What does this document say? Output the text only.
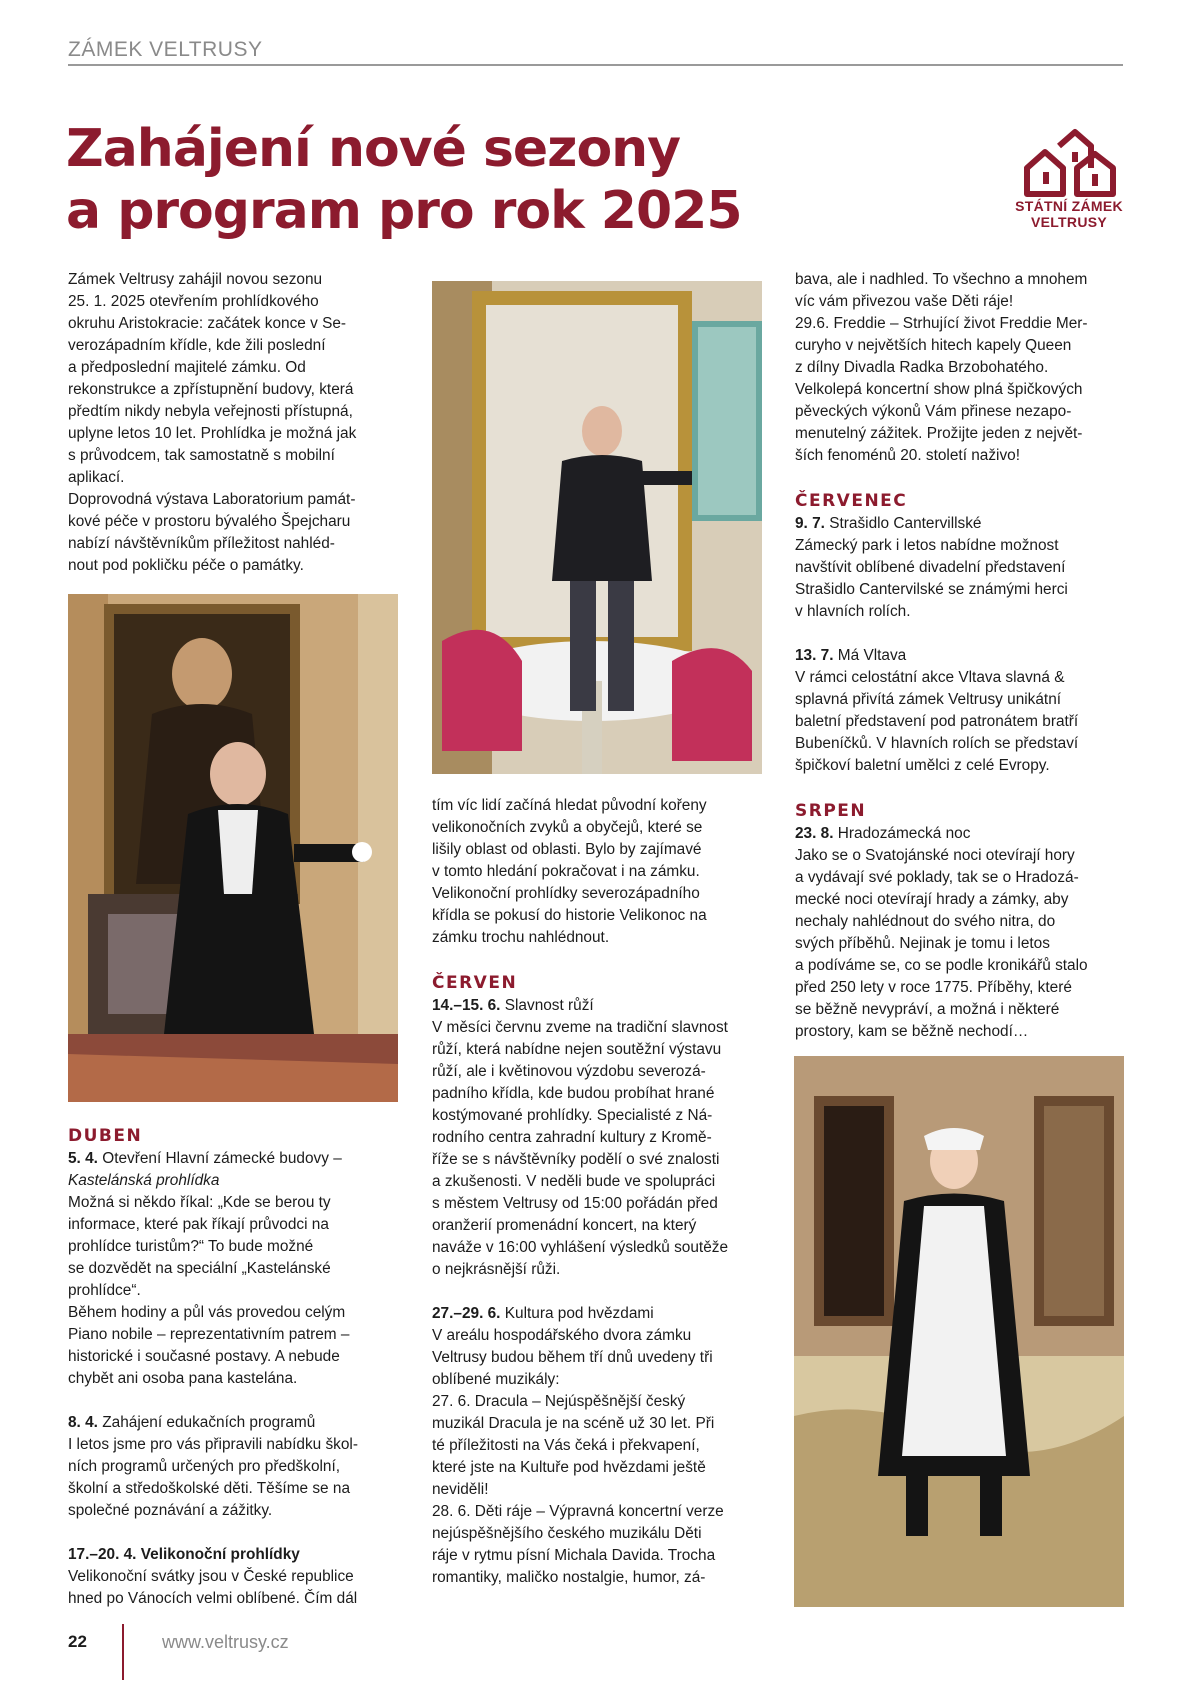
ZÁMEK VELTRUSY
Zahájení nové sezony
a program pro rok 2025	STÁTNÍ ZÁMEK
VELTRUSY

Zámek Veltrusy zahájil novou sezonu

25. 1. 2025 otevřením prohlídkového

okruhu Aristokracie: začátek konce v Se-

verozápadním křídle, kde žili poslední

a předposlední majitelé zámku. Od

rekonstrukce a zpřístupnění budovy, která

předtím nikdy nebyla veřejnosti přístupná,

uplyne letos 10 let. Prohlídka je možná jak

s průvodcem, tak samostatně s mobilní

aplikací.

Doprovodná výstava Laboratorium památ-

kové péče v prostoru bývalého Špejcharu

nabízí návštěvníkům příležitost nahléd-

nout pod pokličku péče o památky.

DUBEN

5. 4. Otevření Hlavní zámecké budovy –

Kastelánská prohlídka

Možná si někdo říkal: „Kde se berou ty

informace, které pak říkají průvodci na

prohlídce turistům?“ To bude možné

se dozvědět na speciální „Kastelánské

prohlídce“.

Během hodiny a půl vás provedou celým

Piano nobile – reprezentativním patrem –

historické i současné postavy. A nebude

chybět ani osoba pana kastelána.

8. 4. Zahájení edukačních programů

I letos jsme pro vás připravili nabídku škol-

ních programů určených pro předškolní,

školní a středoškolské děti. Těšíme se na

společné poznávání a zážitky.

17.–20. 4. Velikonoční prohlídky

Velikonoční svátky jsou v České republice

hned po Vánocích velmi oblíbené. Čím dál

tím víc lidí začíná hledat původní kořeny

velikonočních zvyků a obyčejů, které se

lišily oblast od oblasti. Bylo by zajímavé

v tomto hledání pokračovat i na zámku.

Velikonoční prohlídky severozápadního

křídla se pokusí do historie Velikonoc na

zámku trochu nahlédnout.

ČERVEN

14.–15. 6. Slavnost růží

V měsíci červnu zveme na tradiční slavnost

růží, která nabídne nejen soutěžní výstavu

růží, ale i květinovou výzdobu severozá-

padního křídla, kde budou probíhat hrané

kostýmované prohlídky. Specialisté z Ná-

rodního centra zahradní kultury z Kromě-

říže se s návštěvníky podělí o své znalosti

a zkušenosti. V neděli bude ve spolupráci

s městem Veltrusy od 15:00 pořádán před

oranžerií promenádní koncert, na který

naváže v 16:00 vyhlášení výsledků soutěže

o nejkrásnější růži.

27.–29. 6. Kultura pod hvězdami

V areálu hospodářského dvora zámku

Veltrusy budou během tří dnů uvedeny tři

oblíbené muzikály:

27. 6. Dracula – Nejúspěšnější český

muzikál Dracula je na scéně už 30 let. Při

té příležitosti na Vás čeká i překvapení,

které jste na Kultuře pod hvězdami ještě

neviděli!

28. 6. Děti ráje – Výpravná koncertní verze

nejúspěšnějšího českého muzikálu Děti

ráje v rytmu písní Michala Davida. Trocha

romantiky, maličko nostalgie, humor, zá-

bava, ale i nadhled. To všechno a mnohem

víc vám přivezou vaše Děti ráje!

29.6. Freddie – Strhující život Freddie Mer-

curyho v největších hitech kapely Queen

z dílny Divadla Radka Brzobohatého.

Velkolepá koncertní show plná špičkových

pěveckých výkonů Vám přinese nezapo-

menutelný zážitek. Prožijte jeden z největ-

ších fenoménů 20. století naživo!

ČERVENEC

9. 7. Strašidlo Cantervillské

Zámecký park i letos nabídne možnost

navštívit oblíbené divadelní představení

Strašidlo Cantervilské se známými herci

v hlavních rolích.

13. 7. Má Vltava

V rámci celostátní akce Vltava slavná &

splavná přivítá zámek Veltrusy unikátní

baletní představení pod patronátem bratří

Bubeníčků. V hlavních rolích se představí

špičkoví baletní umělci z celé Evropy.

SRPEN

23. 8. Hradozámecká noc

Jako se o Svatojánské noci otevírají hory

a vydávají své poklady, tak se o Hradozá-

mecké noci otevírají hrady a zámky, aby

nechaly nahlédnout do svého nitra, do

svých příběhů. Nejinak je tomu i letos

a podíváme se, co se podle kronikářů stalo

před 250 lety v roce 1775. Příběhy, které

se běžně nevypráví, a možná i některé

prostory, kam se běžně nechodí…

22	www.veltrusy.cz
